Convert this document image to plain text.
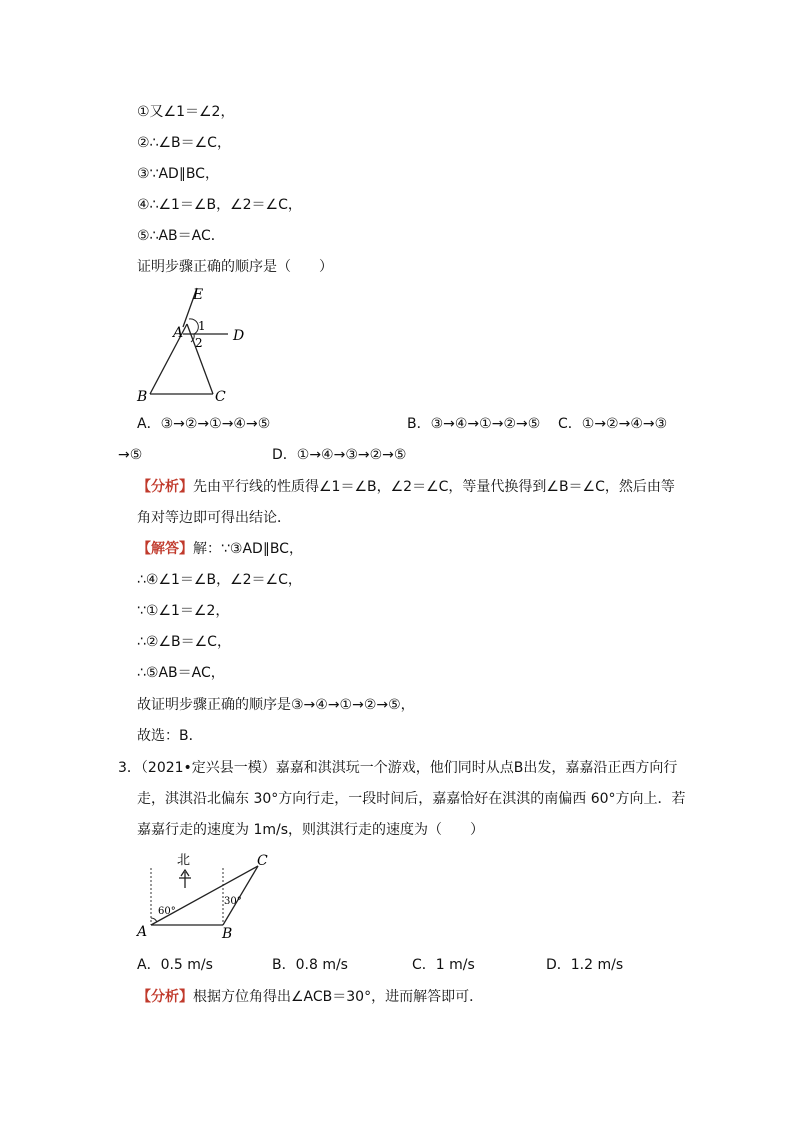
①又∠1＝∠2，
②∴∠B＝∠C，
③∵AD∥BC，
④∴∠1＝∠B，∠2＝∠C，
⑤∴AB＝AC．
证明步骤正确的顺序是（　　）
E
A	D
B	C
1
2
A．③→②→①→④→⑤	B．③→④→①→②→⑤ C．①→②→④→③
→⑤	D．①→④→③→②→⑤
【分析】先由平行线的性质得∠1＝∠B，∠2＝∠C，等量代换得到∠B＝∠C，然后由等
角对等边即可得出结论．
【解答】解：∵③AD∥BC，
∴④∠1＝∠B，∠2＝∠C，
∵①∠1＝∠2，
∴②∠B＝∠C，
∴⑤AB＝AC，
故证明步骤正确的顺序是③→④→①→②→⑤，
故选：B．
3．（2021•定兴县一模）嘉嘉和淇淇玩一个游戏，他们同时从点B出发，嘉嘉沿正西方向行
走，淇淇沿北偏东 30°方向行走，一段时间后，嘉嘉恰好在淇淇的南偏西 60°方向上．若
嘉嘉行走的速度为 1m/s，则淇淇行走的速度为（　　）
北	C
A	B
60°
30°
A．0.5 m/s	B．0.8 m/s	C．1 m/s	D．1.2 m/s
【分析】根据方位角得出∠ACB＝30°，进而解答即可．
